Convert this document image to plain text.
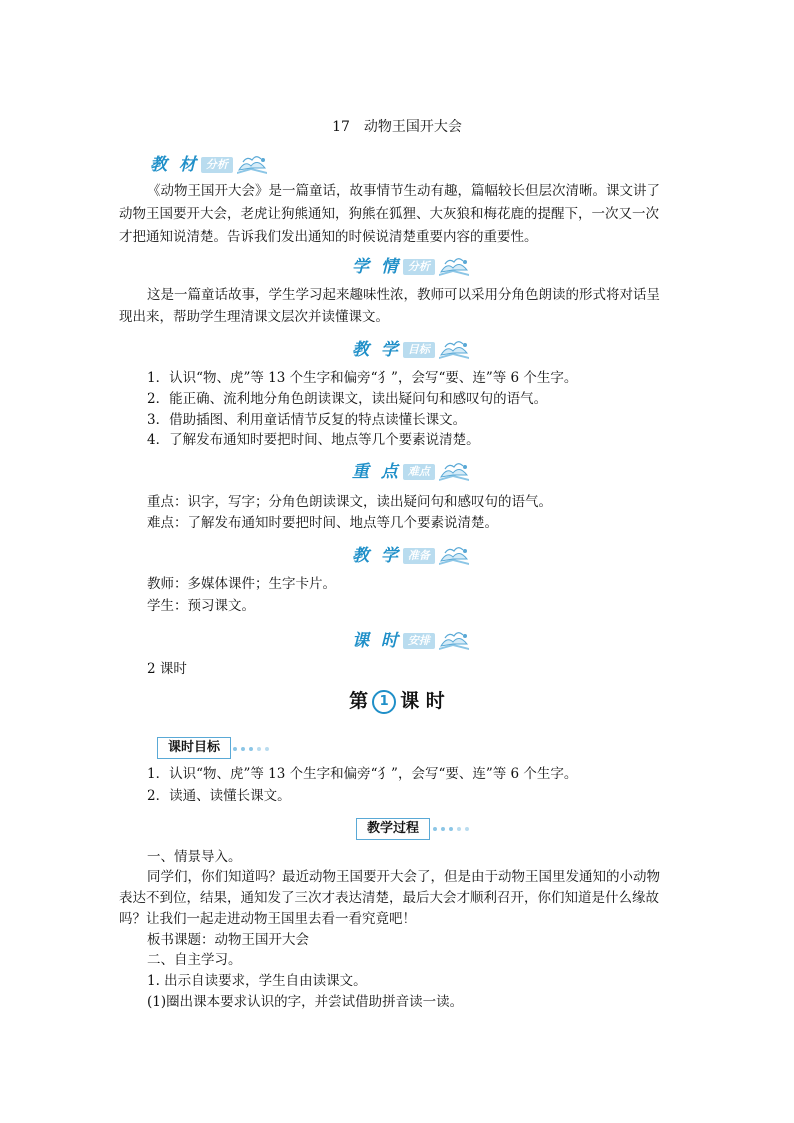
17　动物王国开大会
教 材 分析
《动物王国开大会》是一篇童话，故事情节生动有趣，篇幅较长但层次清晰。课文讲了
动物王国要开大会，老虎让狗熊通知，狗熊在狐狸、大灰狼和梅花鹿的提醒下，一次又一次
才把通知说清楚。告诉我们发出通知的时候说清楚重要内容的重要性。
学 情 分析
这是一篇童话故事，学生学习起来趣味性浓，教师可以采用分角色朗读的形式将对话呈
现出来，帮助学生理清课文层次并读懂课文。
教 学 目标
1．认识“物、虎”等 13 个生字和偏旁“犭”，会写“要、连”等 6 个生字。
2．能正确、流利地分角色朗读课文，读出疑问句和感叹句的语气。
3．借助插图、利用童话情节反复的特点读懂长课文。
4．了解发布通知时要把时间、地点等几个要素说清楚。
重 点 难点
重点：识字，写字；分角色朗读课文，读出疑问句和感叹句的语气。
难点：了解发布通知时要把时间、地点等几个要素说清楚。
教 学 准备
教师：多媒体课件；生字卡片。
学生：预习课文。
课 时 安排
2 课时
第 1 课 时
课时目标
1．认识“物、虎”等 13 个生字和偏旁“犭”，会写“要、连”等 6 个生字。
2．读通、读懂长课文。
教学过程
一、情景导入。
同学们，你们知道吗？最近动物王国要开大会了，但是由于动物王国里发通知的小动物
表达不到位，结果，通知发了三次才表达清楚，最后大会才顺利召开，你们知道是什么缘故
吗？让我们一起走进动物王国里去看一看究竟吧！
板书课题：动物王国开大会
二、自主学习。
1. 出示自读要求，学生自由读课文。
(1)圈出课本要求认识的字，并尝试借助拼音读一读。
